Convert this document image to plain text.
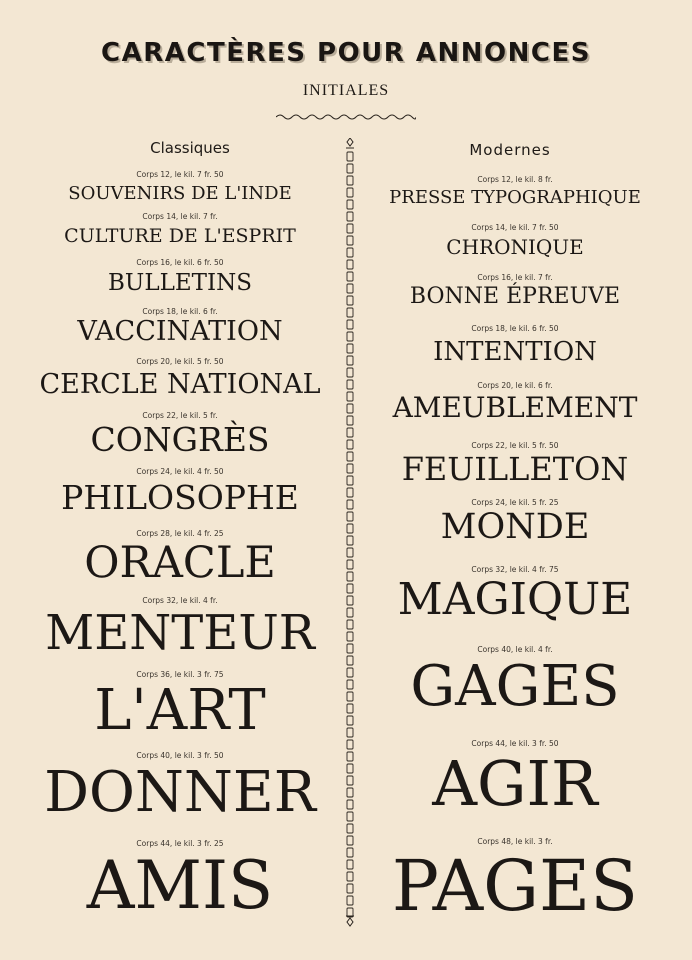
CARACTÈRES POUR ANNONCES
INITIALES
Classiques	Modernes
Corps 12, le kil. 7 fr. 50
SOUVENIRS DE L'INDE
Corps 14, le kil. 7 fr.
CULTURE DE L'ESPRIT
Corps 16, le kil. 6 fr. 50
BULLETINS
Corps 18, le kil. 6 fr.
VACCINATION
Corps 20, le kil. 5 fr. 50
CERCLE NATIONAL
Corps 22, le kil. 5 fr.
CONGRÈS
Corps 24, le kil. 4 fr. 50
PHILOSOPHE
Corps 28, le kil. 4 fr. 25
ORACLE
Corps 32, le kil. 4 fr.
MENTEUR
Corps 36, le kil. 3 fr. 75
L'ART
Corps 40, le kil. 3 fr. 50
DONNER
Corps 44, le kil. 3 fr. 25
AMIS
Corps 12, le kil. 8 fr.
PRESSE TYPOGRAPHIQUE
Corps 14, le kil. 7 fr. 50
CHRONIQUE
Corps 16, le kil. 7 fr.
BONNE ÉPREUVE
Corps 18, le kil. 6 fr. 50
INTENTION
Corps 20, le kil. 6 fr.
AMEUBLEMENT
Corps 22, le kil. 5 fr. 50
FEUILLETON
Corps 24, le kil. 5 fr. 25
MONDE
Corps 32, le kil. 4 fr. 75
MAGIQUE
Corps 40, le kil. 4 fr.
GAGES
Corps 44, le kil. 3 fr. 50
AGIR
Corps 48, le kil. 3 fr.
PAGES
